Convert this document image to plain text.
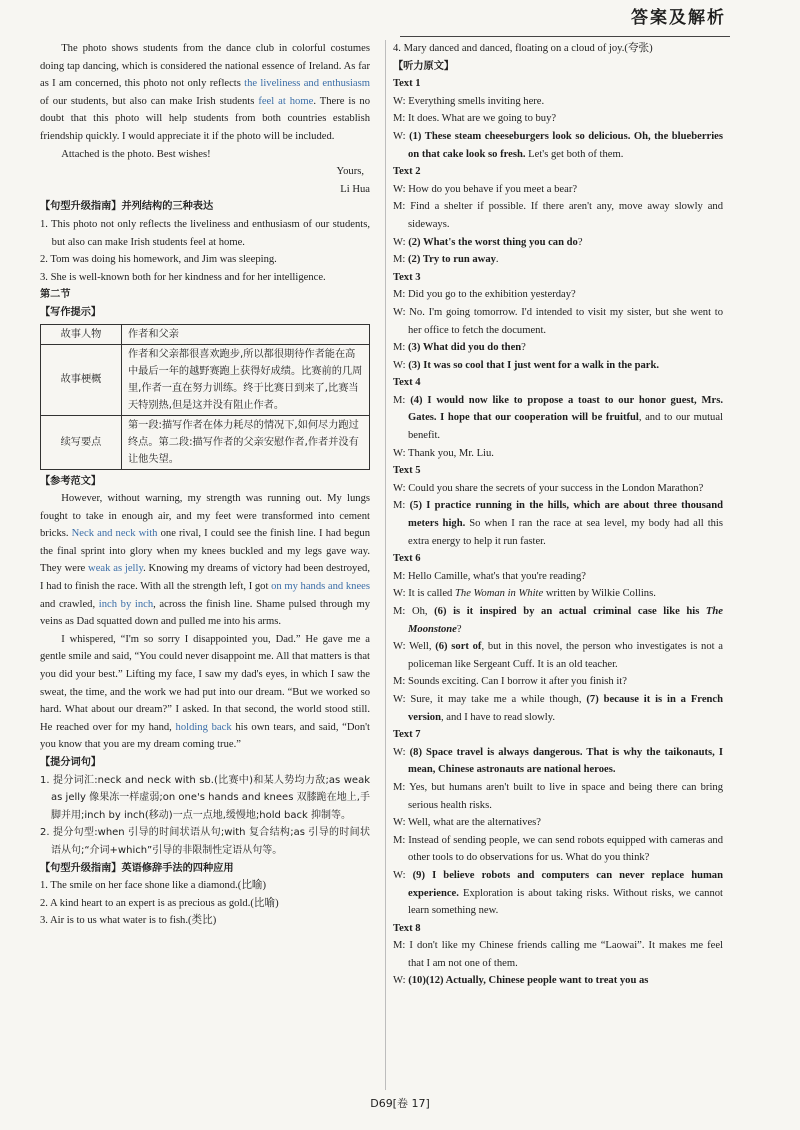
答案及解析

The photo shows students from the dance club in colorful costumes doing tap dancing, which is considered the national essence of Ireland. As far as I am concerned, this photo not only reflects the liveliness and enthusiasm of our students, but also can make Irish students feel at home. There is no doubt that this photo will help students from both countries establish friendship quickly. I would appreciate it if the photo will be included.

Attached is the photo. Best wishes!

Yours,

Li Hua

【句型升级指南】并列结构的三种表达

1. This photo not only reflects the liveliness and enthusiasm of our students, but also can make Irish students feel at home.

2. Tom was doing his homework, and Jim was sleeping.

3. She is well-known both for her kindness and for her intelligence.

第二节
【写作提示】
故事人物	作者和父亲
故事梗概	作者和父亲都很喜欢跑步,所以都很期待作者能在高中最后一年的越野赛跑上获得好成绩。比赛前的几周里,作者一直在努力训练。终于比赛日到来了,比赛当天特别热,但是这并没有阻止作者。
续写要点	第一段:描写作者在体力耗尽的情况下,如何尽力跑过终点。第二段:描写作者的父亲安慰作者,作者并没有让他失望。
【参考范文】

However, without warning, my strength was running out. My lungs fought to take in enough air, and my feet were transformed into cement bricks. Neck and neck with one rival, I could see the finish line. I had begun the final sprint into glory when my knees buckled and my legs gave way. They were weak as jelly. Knowing my dreams of victory had been destroyed, I had to finish the race. With all the strength left, I got on my hands and knees and crawled, inch by inch, across the finish line. Shame pulsed through my veins as Dad squatted down and pulled me into his arms.

I whispered, “I'm so sorry I disappointed you, Dad.” He gave me a gentle smile and said, “You could never disappoint me. All that matters is that you did your best.” Lifting my face, I saw my dad's eyes, in which I saw the sweat, the time, and the work we had put into our dream. “But we worked so hard. What about our dream?” I asked. In that second, the world stood still. He reached over for my hand, holding back his own tears, and said, “Don't you know that you are my dream coming true.”

【提分词句】

1. 提分词汇:neck and neck with sb.(比赛中)和某人势均力敌;as weak as jelly 像果冻一样虚弱;on one's hands and knees 双膝跪在地上,手脚并用;inch by inch(移动)一点一点地,缓慢地;hold back 抑制等。

2. 提分句型:when 引导的时间状语从句;with 复合结构;as 引导的时间状语从句;“介词+which”引导的非限制性定语从句等。

【句型升级指南】英语修辞手法的四种应用

1. The smile on her face shone like a diamond.(比喻)

2. A kind heart to an expert is as precious as gold.(比喻)

3. Air is to us what water is to fish.(类比)

4. Mary danced and danced, floating on a cloud of joy.(夸张)

【听力原文】
Text 1

W: Everything smells inviting here.

M: It does. What are we going to buy?

W: (1) These steam cheeseburgers look so delicious. Oh, the blueberries on that cake look so fresh. Let's get both of them.

Text 2

W: How do you behave if you meet a bear?

M: Find a shelter if possible. If there aren't any, move away slowly and sideways.

W: (2) What's the worst thing you can do?

M: (2) Try to run away.

Text 3

M: Did you go to the exhibition yesterday?

W: No. I'm going tomorrow. I'd intended to visit my sister, but she went to her office to fetch the document.

M: (3) What did you do then?

W: (3) It was so cool that I just went for a walk in the park.

Text 4

M: (4) I would now like to propose a toast to our honor guest, Mrs. Gates. I hope that our cooperation will be fruitful, and to our mutual benefit.

W: Thank you, Mr. Liu.

Text 5

W: Could you share the secrets of your success in the London Marathon?

M: (5) I practice running in the hills, which are about three thousand meters high. So when I ran the race at sea level, my body had all this extra energy to help it run faster.

Text 6

M: Hello Camille, what's that you're reading?

W: It is called The Woman in White written by Wilkie Collins.

M: Oh, (6) is it inspired by an actual criminal case like his The Moonstone?

W: Well, (6) sort of, but in this novel, the person who investigates is not a policeman like Sergeant Cuff. It is an old teacher.

M: Sounds exciting. Can I borrow it after you finish it?

W: Sure, it may take me a while though, (7) because it is in a French version, and I have to read slowly.

Text 7

W: (8) Space travel is always dangerous. That is why the taikonauts, I mean, Chinese astronauts are national heroes.

M: Yes, but humans aren't built to live in space and being there can bring serious health risks.

W: Well, what are the alternatives?

M: Instead of sending people, we can send robots equipped with cameras and other tools to do observations for us. What do you think?

W: (9) I believe robots and computers can never replace human experience. Exploration is about taking risks. Without risks, we cannot learn something new.

Text 8

M: I don't like my Chinese friends calling me “Laowai”. It makes me feel that I am not one of them.

W: (10)(12) Actually, Chinese people want to treat you as

D69[卷 17]
